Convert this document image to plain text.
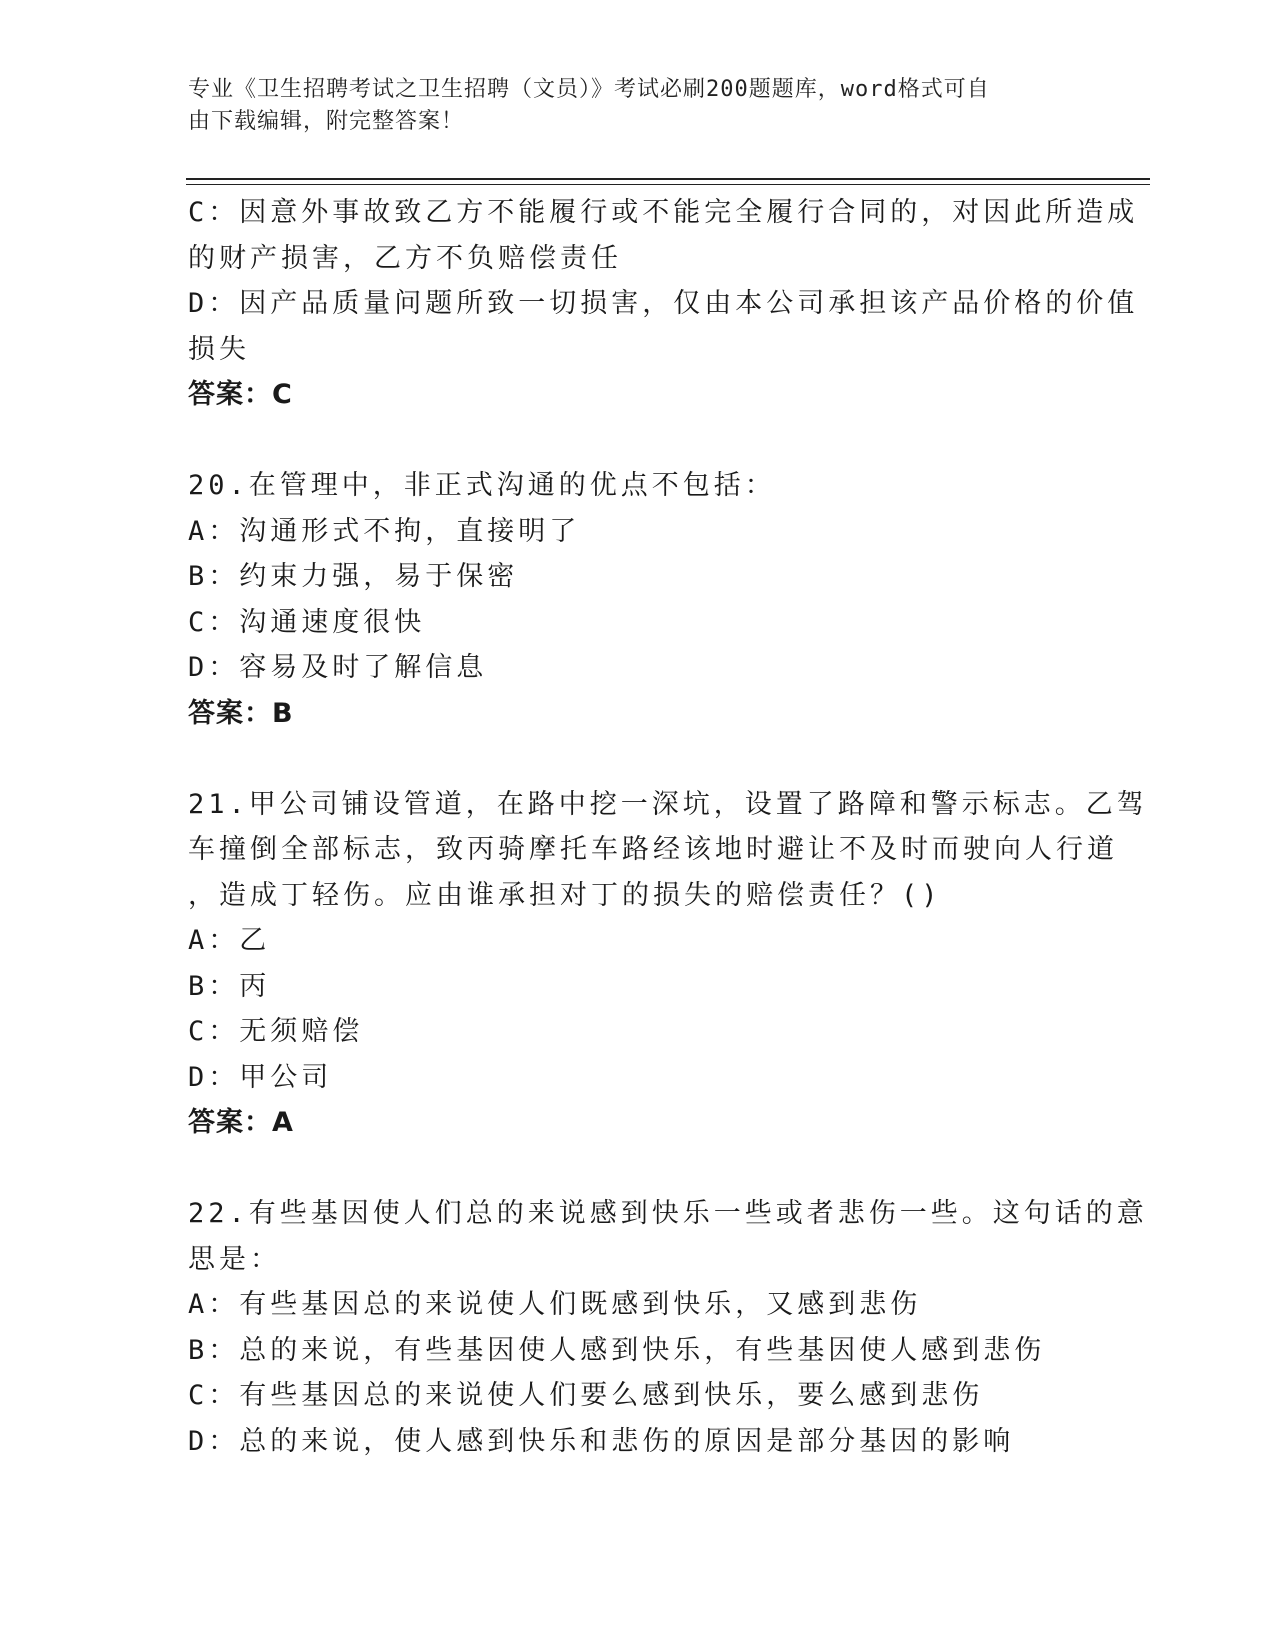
专业《卫生招聘考试之卫生招聘（文员）》考试必刷200题题库，word格式可自
由下载编辑，附完整答案！
C：因意外事故致乙方不能履行或不能完全履行合同的，对因此所造成
的财产损害，乙方不负赔偿责任
D：因产品质量问题所致一切损害，仅由本公司承担该产品价格的价值
损失
答案：C
20.在管理中，非正式沟通的优点不包括：
A：沟通形式不拘，直接明了
B：约束力强，易于保密
C：沟通速度很快
D：容易及时了解信息
答案：B
21.甲公司铺设管道，在路中挖一深坑，设置了路障和警示标志。乙驾
车撞倒全部标志，致丙骑摩托车路经该地时避让不及时而驶向人行道
，造成丁轻伤。应由谁承担对丁的损失的赔偿责任？()
A：乙
B：丙
C：无须赔偿
D：甲公司
答案：A
22.有些基因使人们总的来说感到快乐一些或者悲伤一些。这句话的意
思是：
A：有些基因总的来说使人们既感到快乐，又感到悲伤
B：总的来说，有些基因使人感到快乐，有些基因使人感到悲伤
C：有些基因总的来说使人们要么感到快乐，要么感到悲伤
D：总的来说，使人感到快乐和悲伤的原因是部分基因的影响
